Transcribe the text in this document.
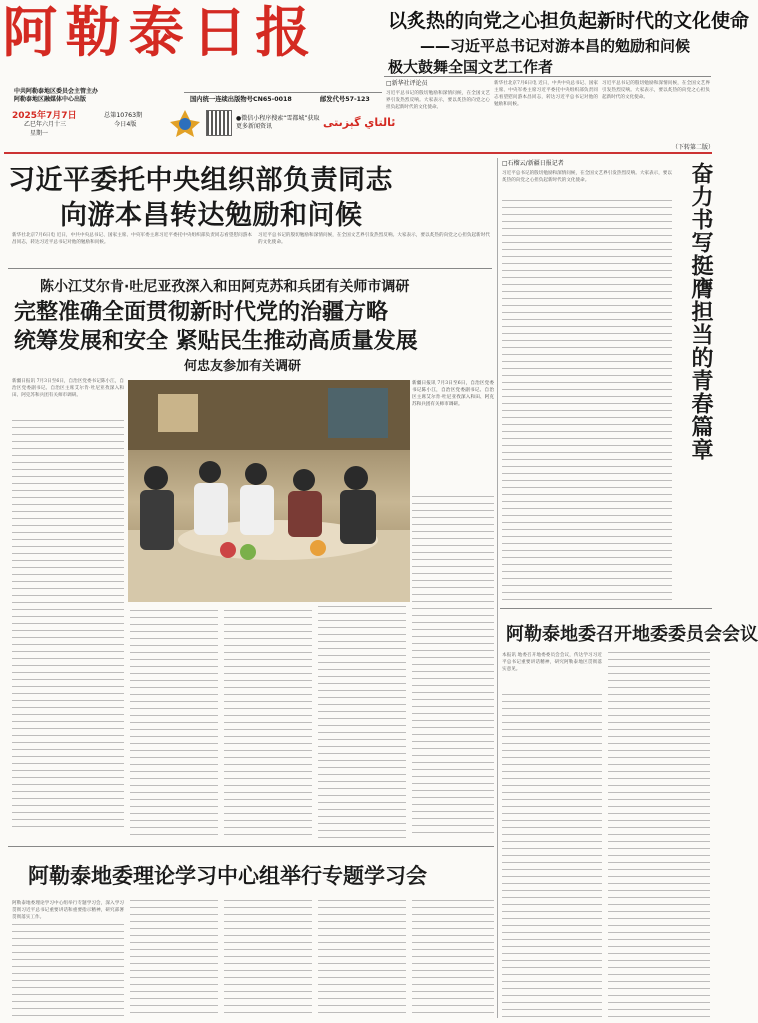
阿勒泰日报
中共阿勒泰地区委员会主管主办
阿勒泰地区融媒体中心出版
以炙热的向党之心担负起新时代的文化使命
——习近平总书记对游本昌的勉励和问候
极大鼓舞全国文艺工作者
国内统一连续出版物号CN65-0018	邮发代号57-123
2025年7月7日
乙巳年六月十三
星期一
总第10763期
今日4版
●微信小程序搜索“雪都城”获取更多新闻资讯	ئالتاي گېزىتى
□新华社评论员
习近平总书记的殷切勉励和深情问候，在全国文艺界引发热烈反响。大家表示，要以炙热的向党之心担负起新时代的文化使命。
新华社北京7月6日电 近日，中共中央总书记、国家主席、中央军委主席习近平委托中央组织部负责同志看望慰问游本昌同志，转达习近平总书记对他的勉励和问候。
习近平总书记的殷切勉励和深情问候，在全国文艺界引发热烈反响。大家表示，要以炙热的向党之心担负起新时代的文化使命。
（下转第二版）
习近平委托中央组织部负责同志
向游本昌转达勉励和问候
新华社北京7月6日电 近日，中共中央总书记、国家主席、中央军委主席习近平委托中央组织部负责同志看望慰问游本昌同志，转达习近平总书记对他的勉励和问候。
习近平总书记的殷切勉励和深情问候，在全国文艺界引发热烈反响。大家表示，要以炙热的向党之心担负起新时代的文化使命。
陈小江艾尔肯·吐尼亚孜深入和田阿克苏和兵团有关师市调研
完整准确全面贯彻新时代党的治疆方略
统筹发展和安全 紧贴民生推动高质量发展
何忠友参加有关调研
新疆日报讯 7月3日至6日，自治区党委书记陈小江，自治区党委副书记、自治区主席艾尔肯·吐尼亚孜深入和田、阿克苏和兵团有关师市调研。
新疆日报讯 7月3日至6日，自治区党委书记陈小江，自治区党委副书记、自治区主席艾尔肯·吐尼亚孜深入和田、阿克苏和兵团有关师市调研。
阿勒泰地委理论学习中心组举行专题学习会
阿勒泰地委理论学习中心组举行专题学习会，深入学习贯彻习近平总书记重要讲话和重要指示精神，研究部署贯彻落实工作。
□石榴云/新疆日报记者
习近平总书记的殷切勉励和深情问候，在全国文艺界引发热烈反响。大家表示，要以炙热的向党之心担负起新时代的文化使命。	奋力书写挺膺担当的青春篇章
阿勒泰地委召开地委委员会会议
本报讯 地委召开地委委员会会议，传达学习习近平总书记重要讲话精神，研究阿勒泰地区贯彻落实意见。
